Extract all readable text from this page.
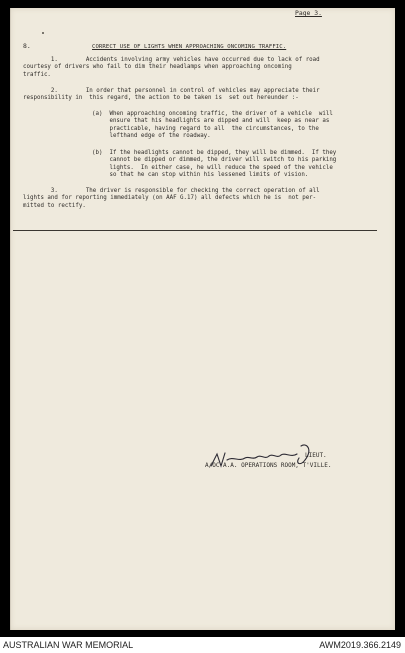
Page 3.
8.	CORRECT USE OF LIGHTS WHEN APPROACHING ONCOMING TRAFFIC.
1.        Accidents involving army vehicles have occurred due to lack of road
courtesy of drivers who fail to dim their headlamps when approaching oncoming
traffic.
2.        In order that personnel in control of vehicles may appreciate their
responsibility in  this regard, the action to be taken is  set out hereunder :-
(a)  When approaching oncoming traffic, the driver of a vehicle  will
ensure that his headlights are dipped and will  keep as near as
practicable, having regard to all  the circumstances, to the
lefthand edge of the roadway.
(b)  If the headlights cannot be dipped, they will be dimmed.  If they
cannot be dipped or dimmed, the driver will switch to his parking
lights.  In either case, he will reduce the speed of the vehicle
so that he can stop within his lessened limits of vision.
3.        The driver is responsible for checking the correct operation of all
lights and for reporting immediately (on AAF G.17) all defects which he is  not per-
mitted to rectify.
LIEUT.
A/OC A.A. OPERATIONS ROOM, T'VILLE.
AUSTRALIAN WAR MEMORIAL	AWM2019.366.2149
